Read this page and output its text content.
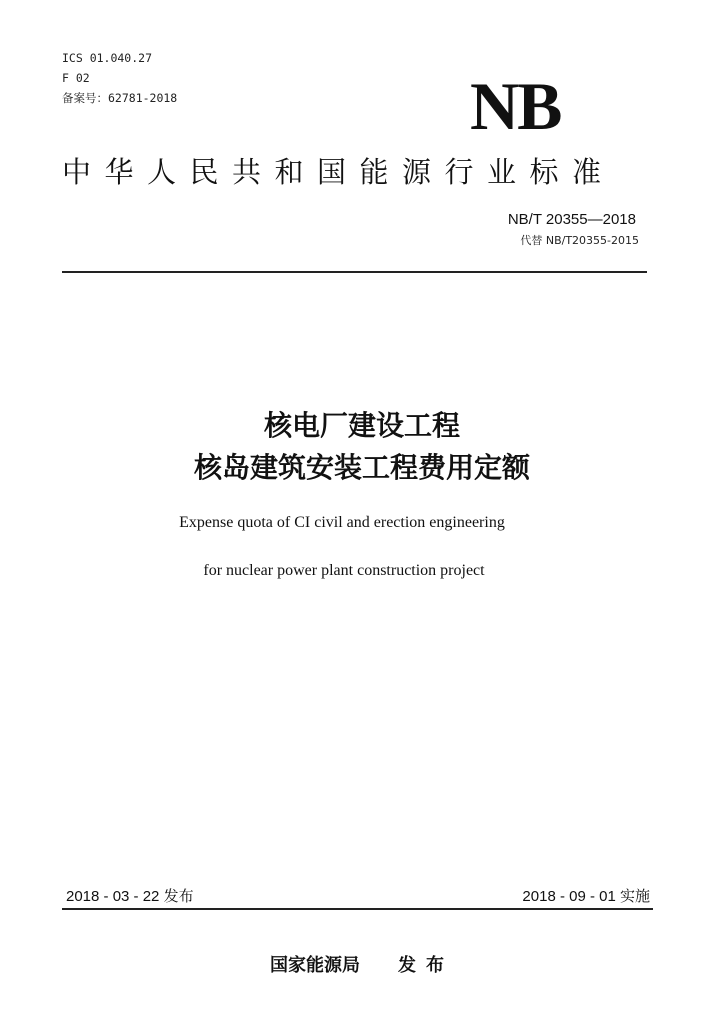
ICS 01.040.27
F 02
备案号：62781-2018	NB
中华人民共和国能源行业标准
NB/T 20355—2018
代替 NB/T20355-2015
核电厂建设工程
核岛建筑安装工程费用定额
Expense quota of CI civil and erection engineering
for nuclear power plant construction project
2018 - 03 - 22 发布	2018 - 09 - 01 实施
国家能源局 发布
